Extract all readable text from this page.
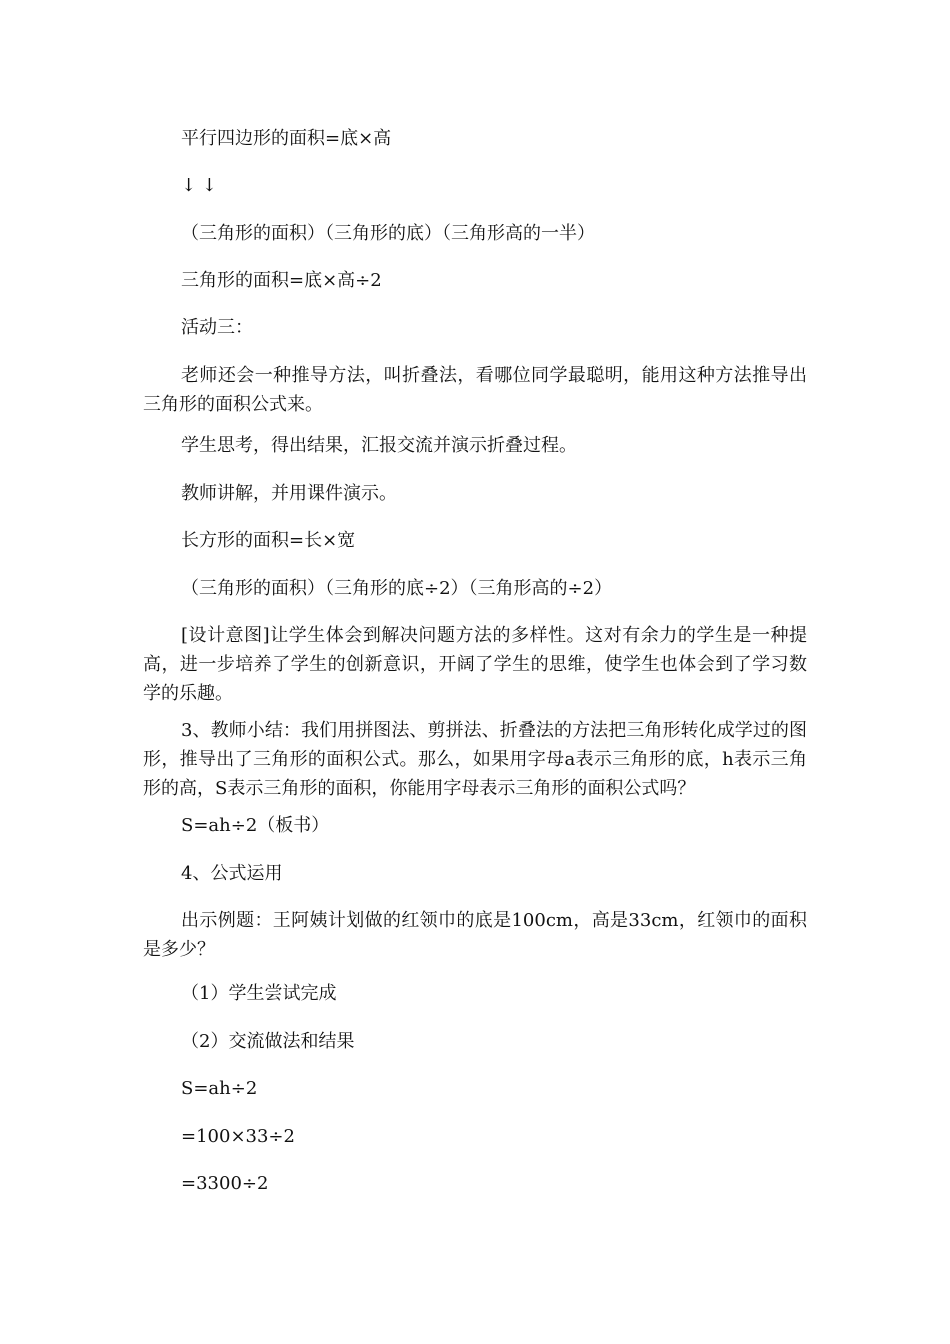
平行四边形的面积=底×高

↓ ↓

（三角形的面积）（三角形的底）（三角形高的一半）

三角形的面积=底×高÷2

活动三：

老师还会一种推导方法，叫折叠法，看哪位同学最聪明，能用这种方法推导出三角形的面积公式来。

学生思考，得出结果，汇报交流并演示折叠过程。

教师讲解，并用课件演示。

长方形的面积=长×宽

（三角形的面积）（三角形的底÷2）（三角形高的÷2）

[设计意图]让学生体会到解决问题方法的多样性。这对有余力的学生是一种提高，进一步培养了学生的创新意识，开阔了学生的思维，使学生也体会到了学习数学的乐趣。

3、教师小结：我们用拼图法、剪拼法、折叠法的方法把三角形转化成学过的图形，推导出了三角形的面积公式。那么，如果用字母a表示三角形的底，h表示三角形的高，S表示三角形的面积，你能用字母表示三角形的面积公式吗？

S=ah÷2（板书）

4、公式运用

出示例题：王阿姨计划做的红领巾的底是100cm，高是33cm，红领巾的面积是多少？

（1）学生尝试完成

（2）交流做法和结果

S=ah÷2

=100×33÷2

=3300÷2
